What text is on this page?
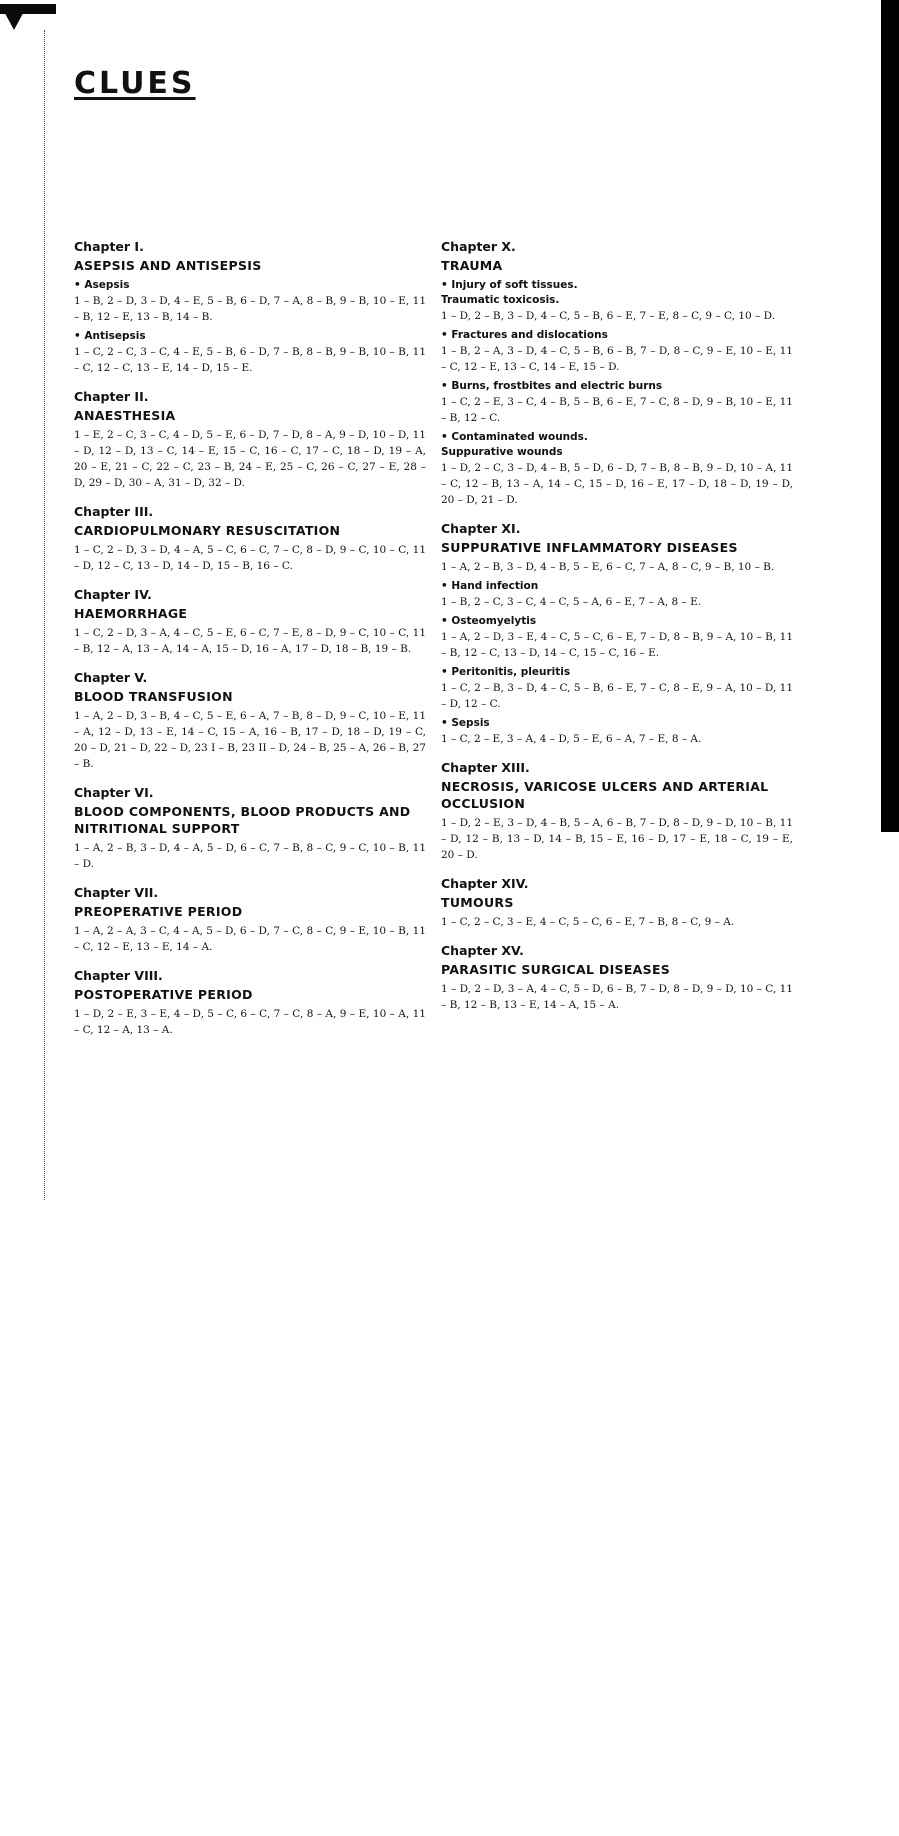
CLUES
Chapter I.
ASEPSIS AND ANTISEPSIS
• Asepsis

1 – B, 2 – D, 3 – D, 4 – E, 5 – B, 6 – D, 7 – A, 8 – B, 9 – B, 10 – E, 11 – B, 12 – E, 13 – B, 14 – B.

• Antisepsis

1 – C, 2 – C, 3 – C, 4 – E, 5 – B, 6 – D, 7 – B, 8 – B, 9 – B, 10 – B, 11 – C, 12 – C, 13 – E, 14 – D, 15 – E.

Chapter II.
ANAESTHESIA

1 – E, 2 – C, 3 – C, 4 – D, 5 – E, 6 – D, 7 – D, 8 – A, 9 – D, 10 – D, 11 – D, 12 – D, 13 – C, 14 – E, 15 – C, 16 – C, 17 – C, 18 – D, 19 – A, 20 – E, 21 – C, 22 – C, 23 – B, 24 – E, 25 – C, 26 – C, 27 – E, 28 – D, 29 – D, 30 – A, 31 – D, 32 – D.

Chapter III.
CARDIOPULMONARY RESUSCITATION

1 – C, 2 – D, 3 – D, 4 – A, 5 – C, 6 – C, 7 – C, 8 – D, 9 – C, 10 – C, 11 – D, 12 – C, 13 – D, 14 – D, 15 – B, 16 – C.

Chapter IV.
HAEMORRHAGE

1 – C, 2 – D, 3 – A, 4 – C, 5 – E, 6 – C, 7 – E, 8 – D, 9 – C, 10 – C, 11 – B, 12 – A, 13 – A, 14 – A, 15 – D, 16 – A, 17 – D, 18 – B, 19 – B.

Chapter V.
BLOOD TRANSFUSION

1 – A, 2 – D, 3 – B, 4 – C, 5 – E, 6 – A, 7 – B, 8 – D, 9 – C, 10 – E, 11 – A, 12 – D, 13 – E, 14 – C, 15 – A, 16 – B, 17 – D, 18 – D, 19 – C, 20 – D, 21 – D, 22 – D, 23 I – B, 23 II – D, 24 – B, 25 – A, 26 – B, 27 – B.

Chapter VI.
BLOOD COMPONENTS, BLOOD PRODUCTS AND NITRITIONAL SUPPORT

1 – A, 2 – B, 3 – D, 4 – A, 5 – D, 6 – C, 7 – B, 8 – C, 9 – C, 10 – B, 11 – D.

Chapter VII.
PREOPERATIVE PERIOD

1 – A, 2 – A, 3 – C, 4 – A, 5 – D, 6 – D, 7 – C, 8 – C, 9 – E, 10 – B, 11 – C, 12 – E, 13 – E, 14 – A.

Chapter VIII.
POSTOPERATIVE PERIOD

1 – D, 2 – E, 3 – E, 4 – D, 5 – C, 6 – C, 7 – C, 8 – A, 9 – E, 10 – A, 11 – C, 12 – A, 13 – A.

Chapter X.
TRAUMA
• Injury of soft tissues.
Traumatic toxicosis.

1 – D, 2 – B, 3 – D, 4 – C, 5 – B, 6 – E, 7 – E, 8 – C, 9 – C, 10 – D.

• Fractures and dislocations

1 – B, 2 – A, 3 – D, 4 – C, 5 – B, 6 – B, 7 – D, 8 – C, 9 – E, 10 – E, 11 – C, 12 – E, 13 – C, 14 – E, 15 – D.

• Burns, frostbites and electric burns

1 – C, 2 – E, 3 – C, 4 – B, 5 – B, 6 – E, 7 – C, 8 – D, 9 – B, 10 – E, 11 – B, 12 – C.

• Contaminated wounds.
Suppurative wounds

1 – D, 2 – C, 3 – D, 4 – B, 5 – D, 6 – D, 7 – B, 8 – B, 9 – D, 10 – A, 11 – C, 12 – B, 13 – A, 14 – C, 15 – D, 16 – E, 17 – D, 18 – D, 19 – D, 20 – D, 21 – D.

Chapter XI.
SUPPURATIVE INFLAMMATORY DISEASES

1 – A, 2 – B, 3 – D, 4 – B, 5 – E, 6 – C, 7 – A, 8 – C, 9 – B, 10 – B.

• Hand infection

1 – B, 2 – C, 3 – C, 4 – C, 5 – A, 6 – E, 7 – A, 8 – E.

• Osteomyelytis

1 – A, 2 – D, 3 – E, 4 – C, 5 – C, 6 – E, 7 – D, 8 – B, 9 – A, 10 – B, 11 – B, 12 – C, 13 – D, 14 – C, 15 – C, 16 – E.

• Peritonitis, pleuritis

1 – C, 2 – B, 3 – D, 4 – C, 5 – B, 6 – E, 7 – C, 8 – E, 9 – A, 10 – D, 11 – D, 12 – C.

• Sepsis

1 – C, 2 – E, 3 – A, 4 – D, 5 – E, 6 – A, 7 – E, 8 – A.

Chapter XIII.
NECROSIS, VARICOSE ULCERS AND ARTERIAL OCCLUSION

1 – D, 2 – E, 3 – D, 4 – B, 5 – A, 6 – B, 7 – D, 8 – D, 9 – D, 10 – B, 11 – D, 12 – B, 13 – D, 14 – B, 15 – E, 16 – D, 17 – E, 18 – C, 19 – E, 20 – D.

Chapter XIV.
TUMOURS

1 – C, 2 – C, 3 – E, 4 – C, 5 – C, 6 – E, 7 – B, 8 – C, 9 – A.

Chapter XV.
PARASITIC SURGICAL DISEASES

1 – D, 2 – D, 3 – A, 4 – C, 5 – D, 6 – B, 7 – D, 8 – D, 9 – D, 10 – C, 11 – B, 12 – B, 13 – E, 14 – A, 15 – A.
